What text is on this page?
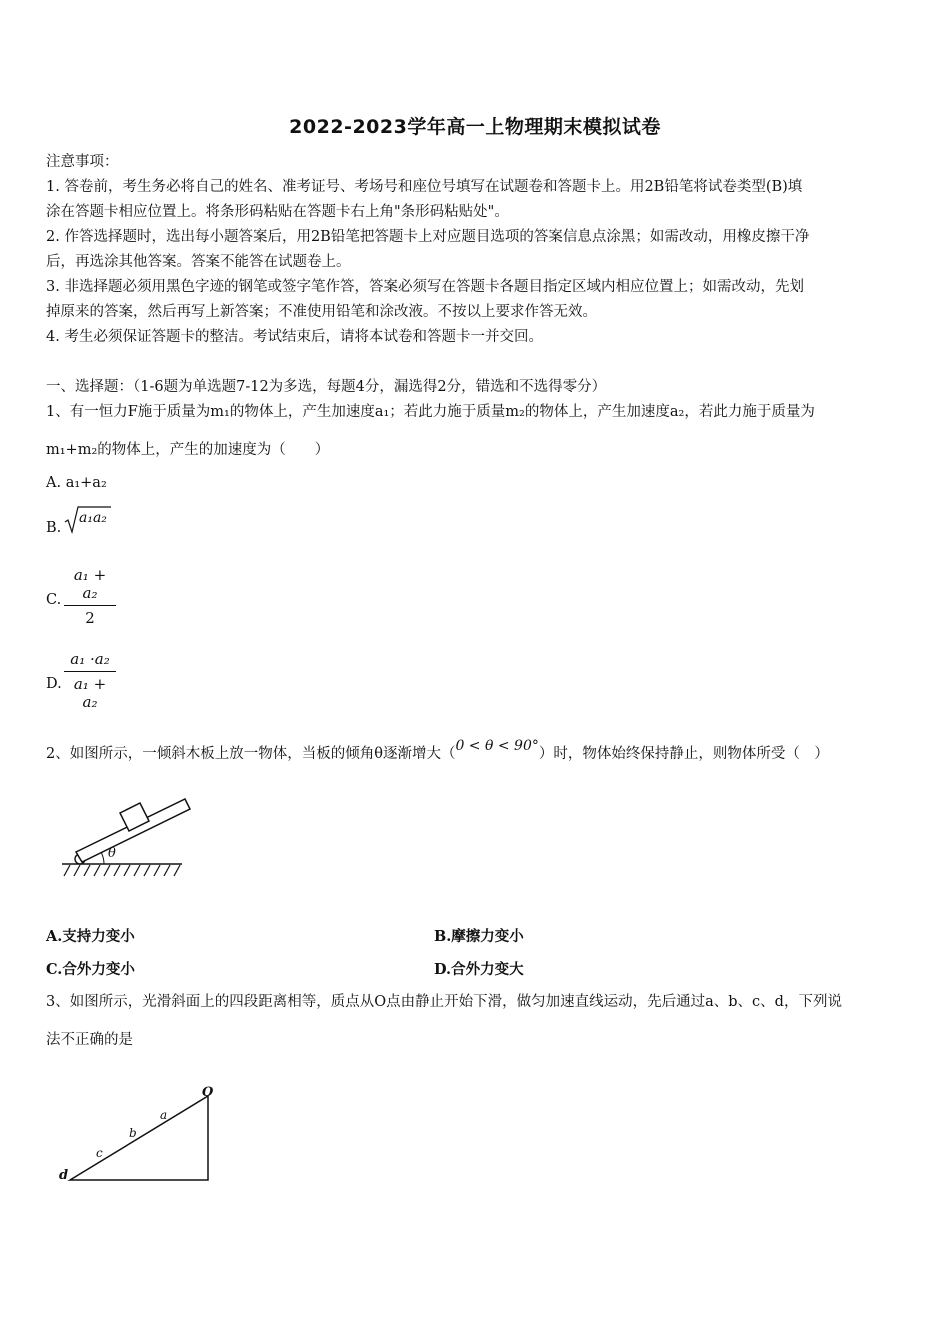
2022-2023学年高一上物理期末模拟试卷
注意事项：
1. 答卷前，考生务必将自己的姓名、准考证号、考场号和座位号填写在试题卷和答题卡上。用2B铅笔将试卷类型(B)填
涂在答题卡相应位置上。将条形码粘贴在答题卡右上角"条形码粘贴处"。
2. 作答选择题时，选出每小题答案后，用2B铅笔把答题卡上对应题目选项的答案信息点涂黑；如需改动，用橡皮擦干净
后，再选涂其他答案。答案不能答在试题卷上。
3. 非选择题必须用黑色字迹的钢笔或签字笔作答，答案必须写在答题卡各题目指定区域内相应位置上；如需改动，先划
掉原来的答案，然后再写上新答案；不准使用铅笔和涂改液。不按以上要求作答无效。
4. 考生必须保证答题卡的整洁。考试结束后，请将本试卷和答题卡一并交回。
一、选择题：（1-6题为单选题7-12为多选，每题4分，漏选得2分，错选和不选得零分）
1、有一恒力F施于质量为m₁的物体上，产生加速度a₁；若此力施于质量m₂的物体上，产生加速度a₂，若此力施于质量为
m₁+m₂的物体上，产生的加速度为（　　）
A. a₁+a₂
B.
a₁a₂
C.
a₁ + a₂
2
D.
a₁ ·a₂
a₁ + a₂
2、如图所示，一倾斜木板上放一物体，当板的倾角θ逐渐增大（0 < θ < 90°）时，物体始终保持静止，则物体所受（　）
θ
A.支持力变小	B.摩擦力变小
C.合外力变小	D.合外力变大
3、如图所示，光滑斜面上的四段距离相等，质点从O点由静止开始下滑，做匀加速直线运动，先后通过a、b、c、d，下列说
法不正确的是
O
a
b
c
d
